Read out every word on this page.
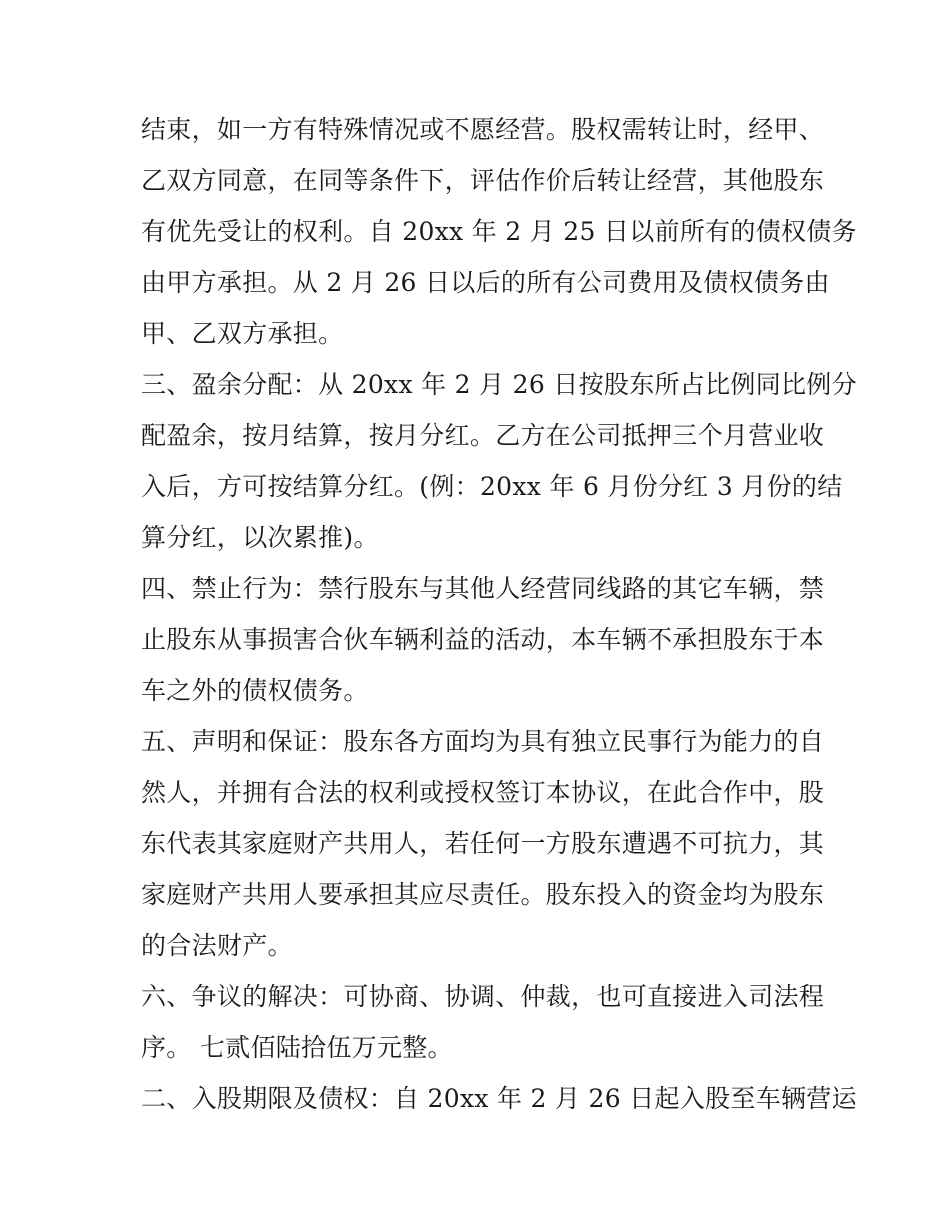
结束，如一方有特殊情况或不愿经营。股权需转让时，经甲、
乙双方同意，在同等条件下，评估作价后转让经营，其他股东
有优先受让的权利。自 20xx 年 2 月 25 日以前所有的债权债务
由甲方承担。从 2 月 26 日以后的所有公司费用及债权债务由
甲、乙双方承担。
三、盈余分配：从 20xx 年 2 月 26 日按股东所占比例同比例分
配盈余，按月结算，按月分红。乙方在公司抵押三个月营业收
入后，方可按结算分红。(例：20xx 年 6 月份分红 3 月份的结
算分红，以次累推)。
四、禁止行为：禁行股东与其他人经营同线路的其它车辆，禁
止股东从事损害合伙车辆利益的活动，本车辆不承担股东于本
车之外的债权债务。
五、声明和保证：股东各方面均为具有独立民事行为能力的自
然人，并拥有合法的权利或授权签订本协议，在此合作中，股
东代表其家庭财产共用人，若任何一方股东遭遇不可抗力，其
家庭财产共用人要承担其应尽责任。股东投入的资金均为股东
的合法财产。
六、争议的解决：可协商、协调、仲裁，也可直接进入司法程
序。 七贰佰陆拾伍万元整。
二、入股期限及债权：自 20xx 年 2 月 26 日起入股至车辆营运
